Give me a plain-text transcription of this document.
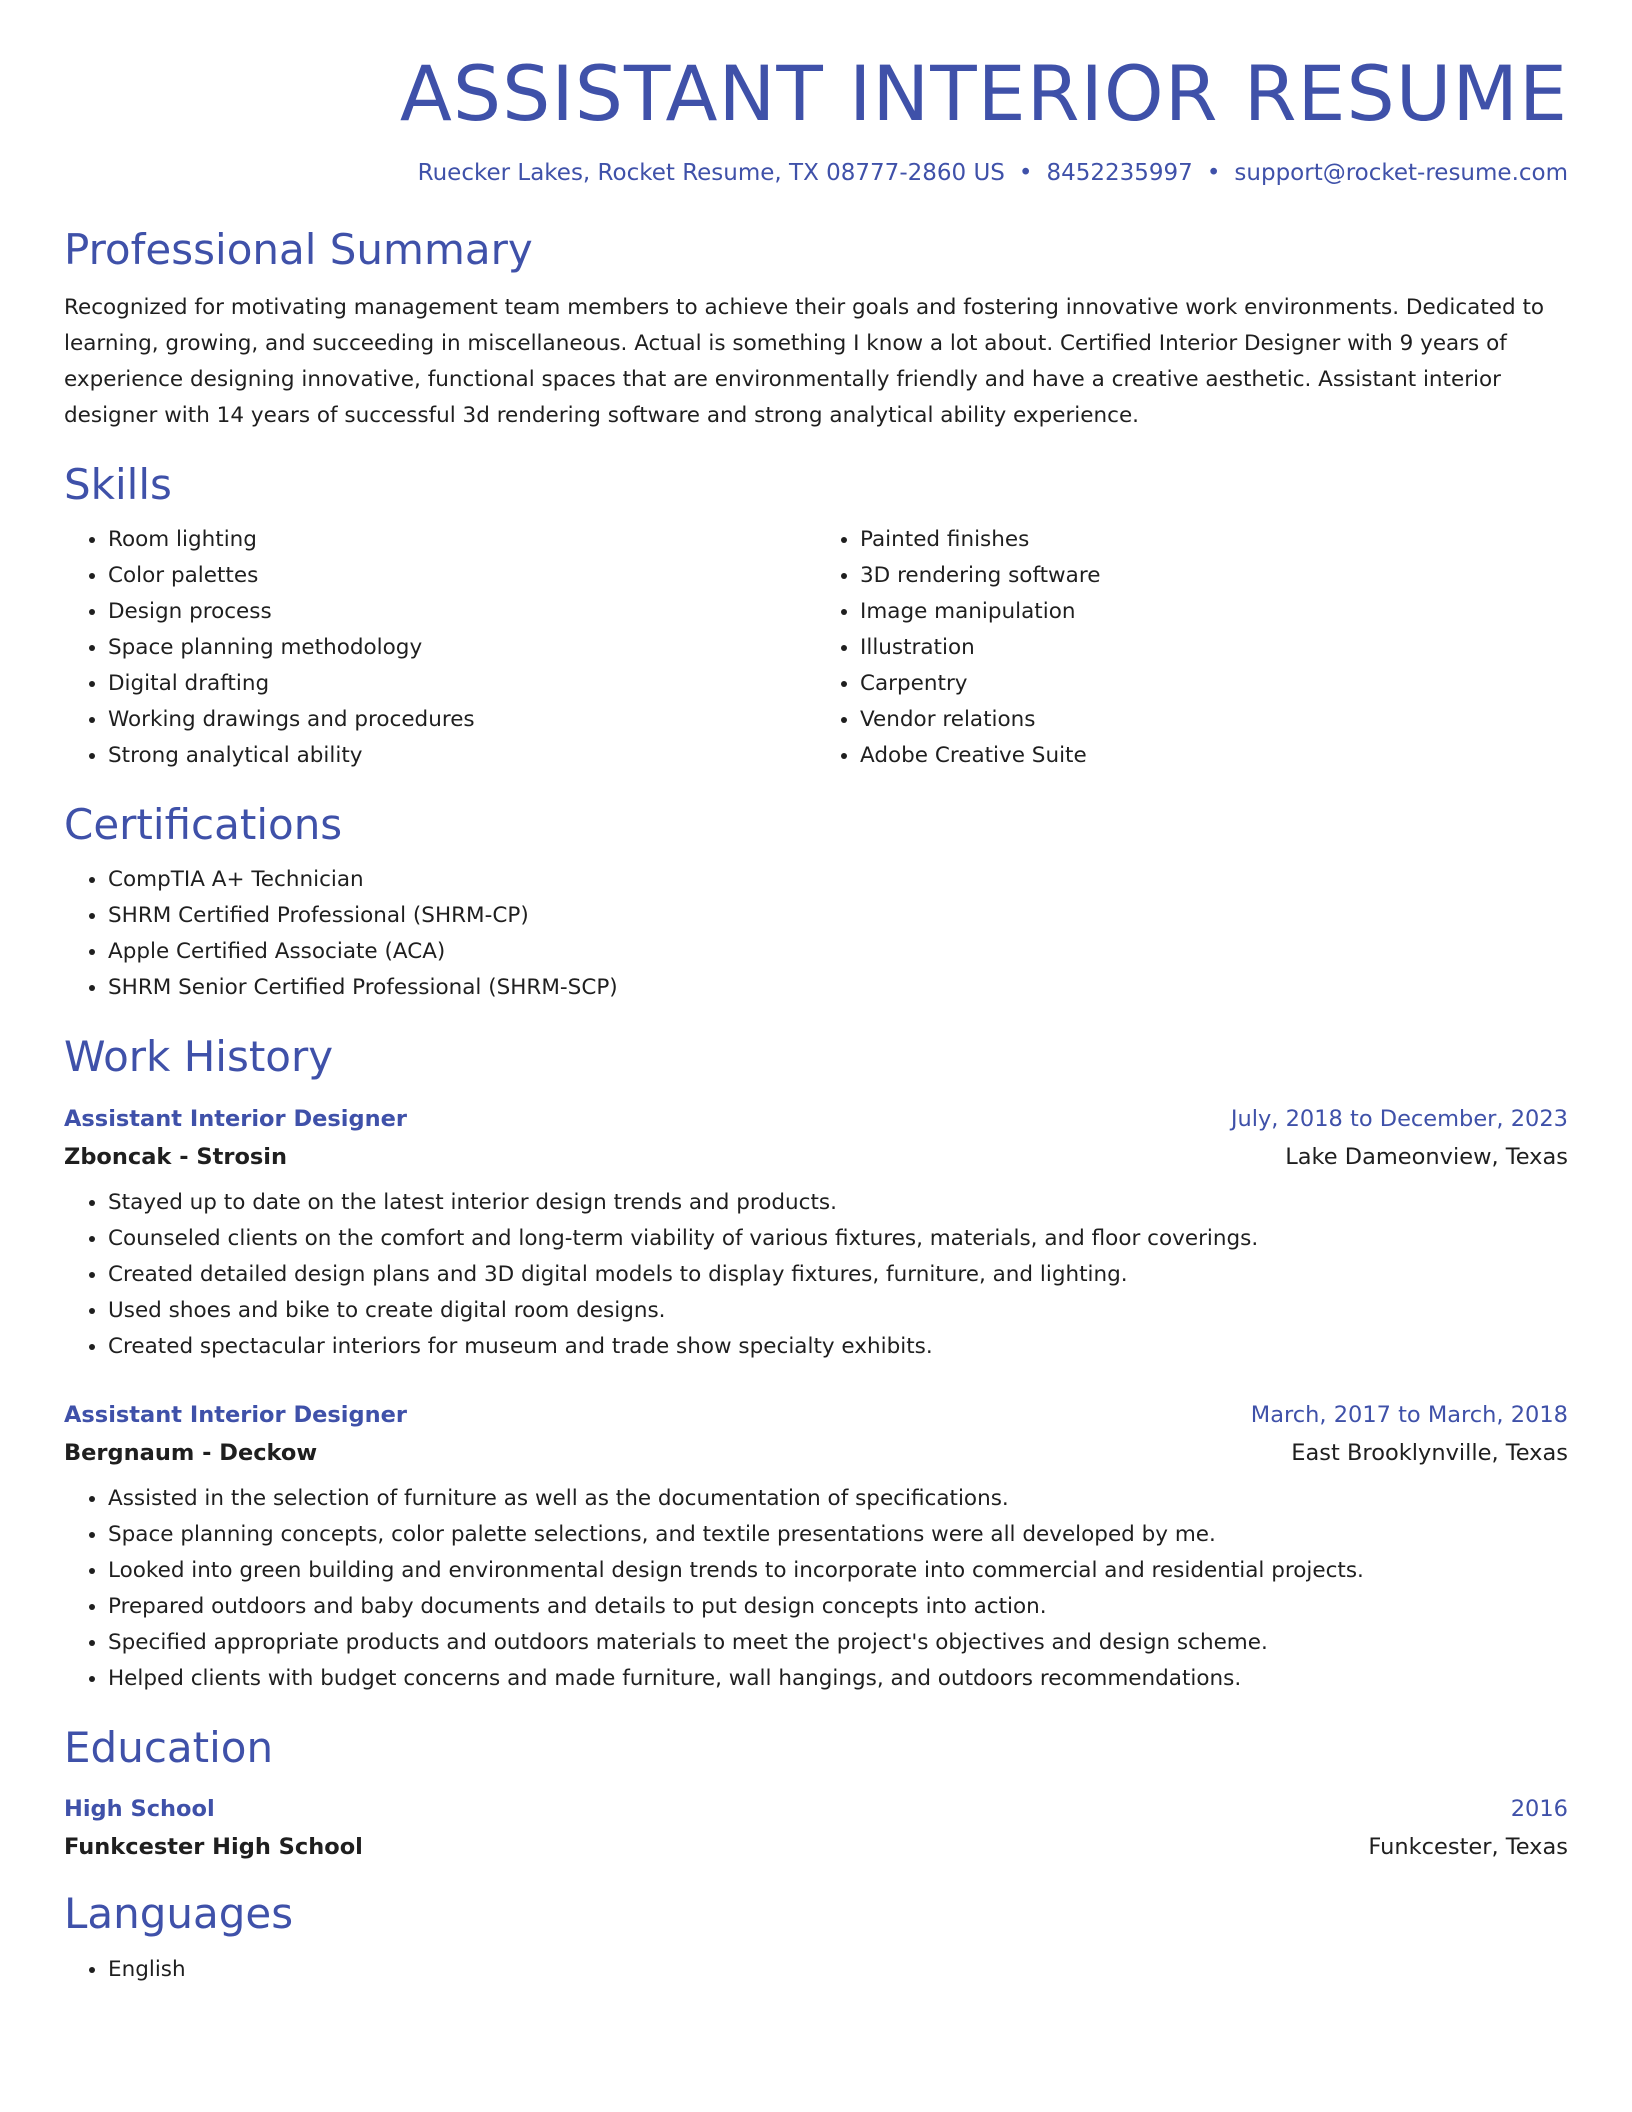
ASSISTANT INTERIOR RESUME
Ruecker Lakes, Rocket Resume, TX 08777-2860 US • 8452235997 • support@rocket-resume.com
Professional Summary

Recognized for motivating management team members to achieve their goals and fostering innovative work environments. Dedicated to learning, growing, and succeeding in miscellaneous. Actual is something I know a lot about. Certified Interior Designer with 9 years of experience designing innovative, functional spaces that are environmentally friendly and have a creative aesthetic. Assistant interior designer with 14 years of successful 3d rendering software and strong analytical ability experience.

Skills
• Room lighting
• Color palettes
• Design process
• Space planning methodology
• Digital drafting
• Working drawings and procedures
• Strong analytical ability
• Painted finishes
• 3D rendering software
• Image manipulation
• Illustration
• Carpentry
• Vendor relations
• Adobe Creative Suite
Certifications
• CompTIA A+ Technician
• SHRM Certified Professional (SHRM-CP)
• Apple Certified Associate (ACA)
• SHRM Senior Certified Professional (SHRM-SCP)
Work History
Assistant Interior Designer	July, 2018 to December, 2023
Zboncak - Strosin	Lake Dameonview, Texas
• Stayed up to date on the latest interior design trends and products.
• Counseled clients on the comfort and long-term viability of various fixtures, materials, and floor coverings.
• Created detailed design plans and 3D digital models to display fixtures, furniture, and lighting.
• Used shoes and bike to create digital room designs.
• Created spectacular interiors for museum and trade show specialty exhibits.
Assistant Interior Designer	March, 2017 to March, 2018
Bergnaum - Deckow	East Brooklynville, Texas
• Assisted in the selection of furniture as well as the documentation of specifications.
• Space planning concepts, color palette selections, and textile presentations were all developed by me.
• Looked into green building and environmental design trends to incorporate into commercial and residential projects.
• Prepared outdoors and baby documents and details to put design concepts into action.
• Specified appropriate products and outdoors materials to meet the project's objectives and design scheme.
• Helped clients with budget concerns and made furniture, wall hangings, and outdoors recommendations.
Education
High School	2016
Funkcester High School	Funkcester, Texas
Languages
• English
